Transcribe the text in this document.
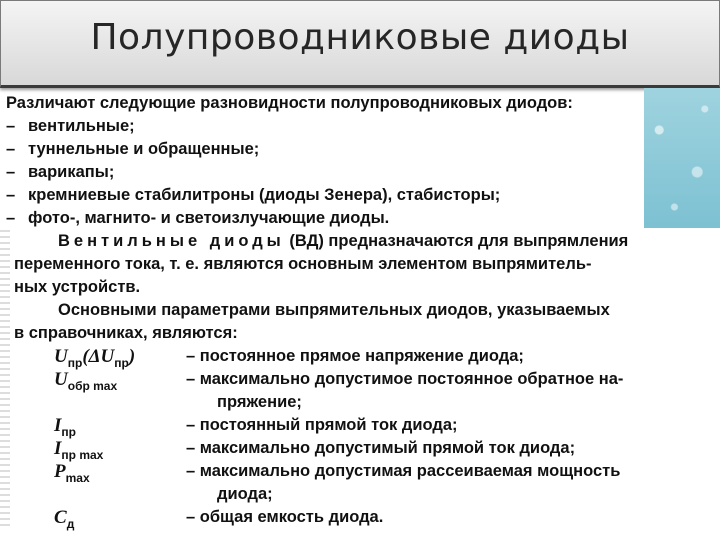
Полупроводниковые диоды
Различают следующие разновидности полупроводниковых диодов:
– вентильные;
– туннельные и обращенные;
– варикапы;
– кремниевые стабилитроны (диоды Зенера), стабисторы;
– фото-, магнито- и светоизлучающие диоды.

Вентильные диоды (ВД) предназначаются для выпрямления

переменного тока, т. е. являются основным элементом выпрямитель-

ных устройств.

Основными параметрами выпрямительных диодов, указываемых

в справочниках, являются:

$U_{пр}(\Delta U_{пр})$	– постоянное прямое напряжение диода;
$U_{обр max}$	– максимально допустимое постоянное обратное на-
пряжение;
$I_{пр}$	– постоянный прямой ток диода;
$I_{пр max}$	– максимально допустимый прямой ток диода;
$P_{max}$	– максимально допустимая рассеиваемая мощность
диода;
$C_д$	– общая емкость диода.
